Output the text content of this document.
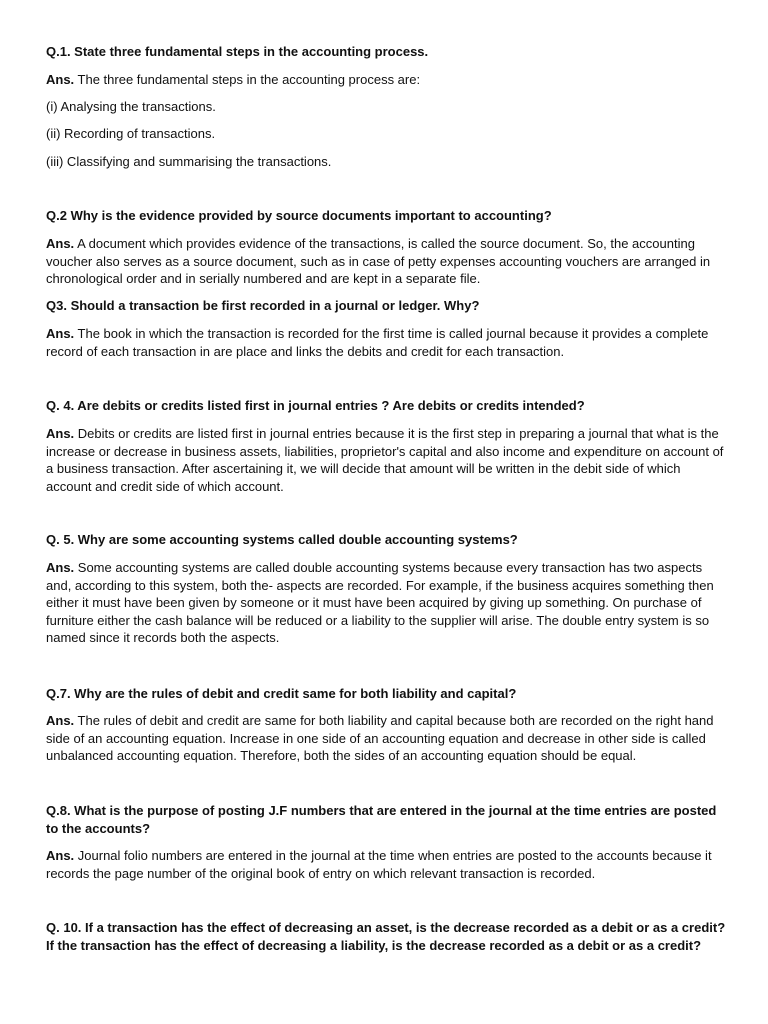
Q.1. State three fundamental steps in the accounting process.
Ans. The three fundamental steps in the accounting process are:
(i) Analysing the transactions.
(ii) Recording of transactions.
(iii) Classifying and summarising the transactions.
Q.2 Why is the evidence provided by source documents important to accounting?
Ans. A document which provides evidence of the transactions, is called the source document. So, the accounting voucher also serves as a source document, such as in case of petty expenses accounting vouchers are arranged in chronological order and in serially numbered and are kept in a separate file.
Q3. Should a transaction be first recorded in a journal or ledger. Why?
Ans. The book in which the transaction is recorded for the first time is called journal because it provides a complete record of each transaction in are place and links the debits and credit for each transaction.
Q. 4. Are debits or credits listed first in journal entries ? Are debits or credits intended?
Ans. Debits or credits are listed first in journal entries because it is the first step in preparing a journal that what is the increase or decrease in business assets, liabilities, proprietor's capital and also income and expenditure on account of a business transaction. After ascertaining it, we will decide that amount will be written in the debit side of which account and credit side of which account.
Q. 5. Why are some accounting systems called double accounting systems?
Ans. Some accounting systems are called double accounting systems because every transaction has two aspects and, according to this system, both the- aspects are recorded. For example, if the business acquires something then either it must have been given by someone or it must have been acquired by giving up something. On purchase of furniture either the cash balance will be reduced or a liability to the supplier will arise. The double entry system is so named since it records both the aspects.
Q.7. Why are the rules of debit and credit same for both liability and capital?
Ans. The rules of debit and credit are same for both liability and capital because both are recorded on the right hand side of an accounting equation. Increase in one side of an accounting equation and decrease in other side is called unbalanced accounting equation. Therefore, both the sides of an accounting equation should be equal.
Q.8. What is the purpose of posting J.F numbers that are entered in the journal at the time entries are posted to the accounts?
Ans. Journal folio numbers are entered in the journal at the time when entries are posted to the accounts because it records the page number of the original book of entry on which relevant transaction is recorded.
Q. 10. If a transaction has the effect of decreasing an asset, is the decrease recorded as a debit or as a credit? If the transaction has the effect of decreasing a liability, is the decrease recorded as a debit or as a credit?
